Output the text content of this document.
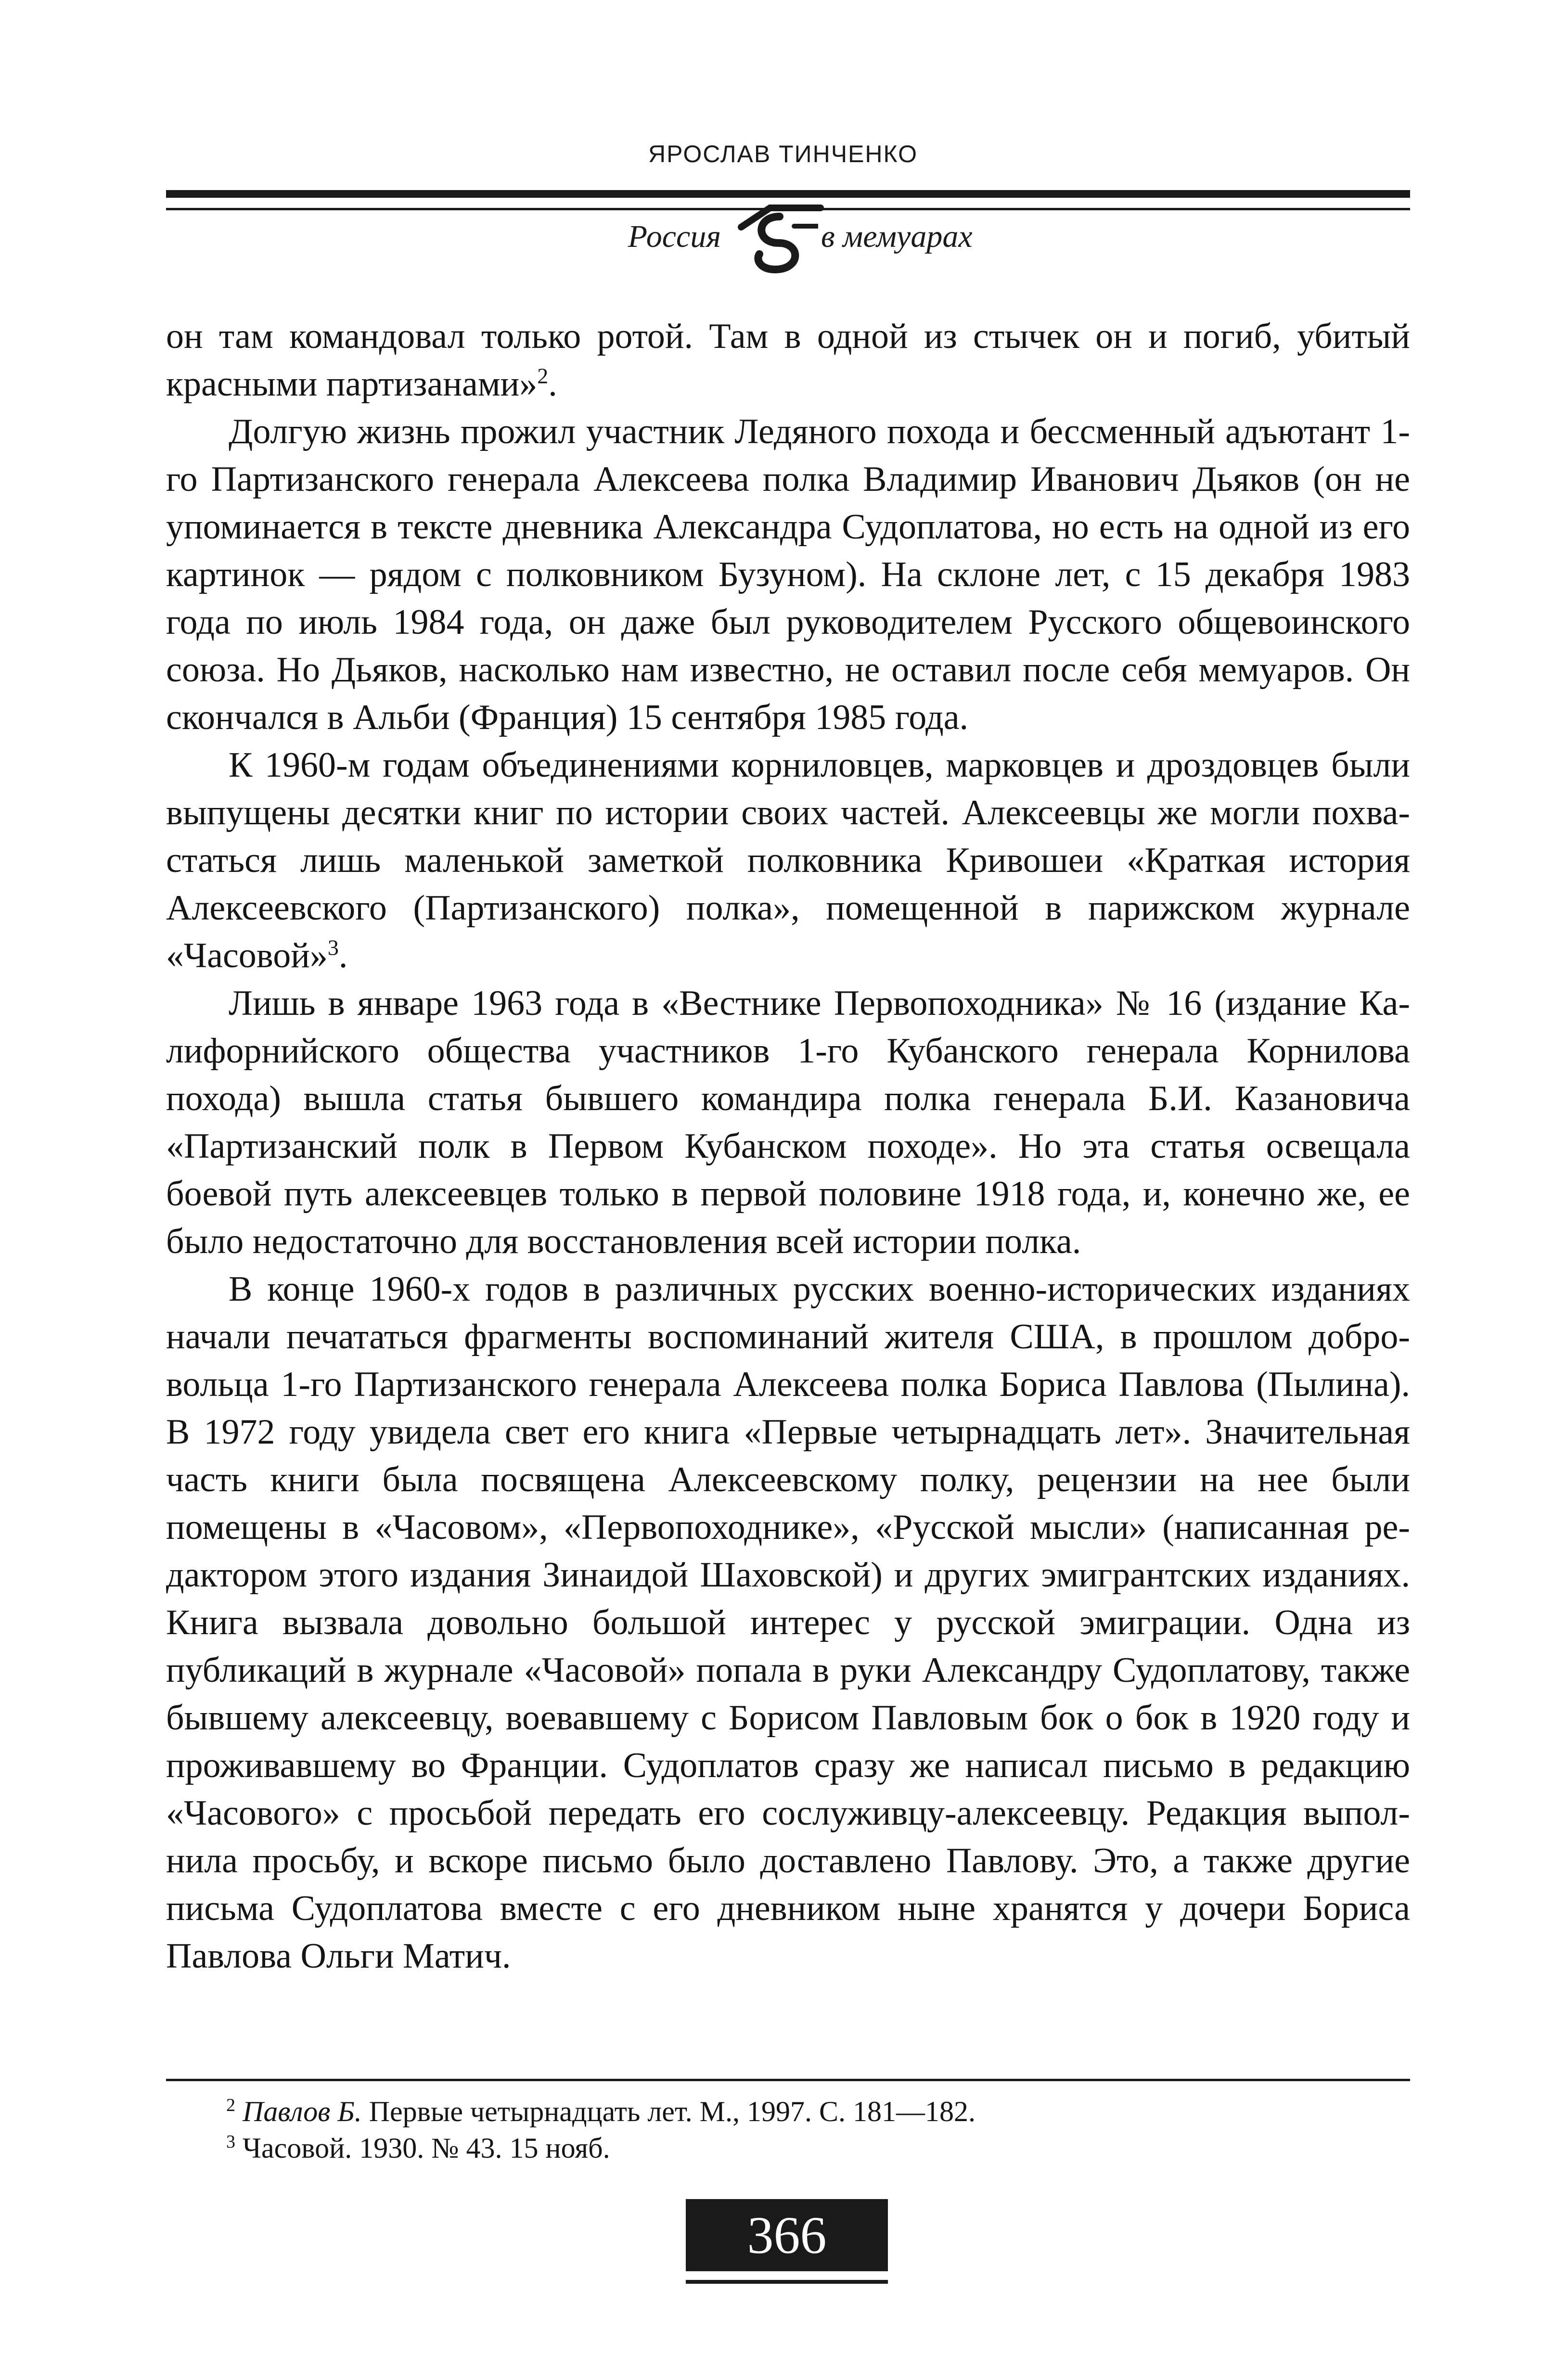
ЯРОСЛАВ ТИНЧЕНКО
Россия	в мемуарах

он там командовал только ротой. Там в одной из стычек он и погиб, убитый красными партизанами»$^2$.

Долгую жизнь прожил участник Ледяного похода и бессменный адъютант 1-го Партизанского генерала Алексеева полка Владимир Иванович Дьяков (он не упоминается в тексте дневника Александра Судоплатова, но есть на одной из его картинок — рядом с полковником Бузуном). На склоне лет, с 15 декабря 1983 года по июль 1984 года, он даже был руководителем Русского общевоинского союза. Но Дьяков, насколько нам известно, не оставил после себя мемуаров. Он скончался в Альби (Франция) 15 сентября 1985 года.

К 1960-м годам объединениями корниловцев, марковцев и дроздовцев были выпущены десятки книг по истории своих частей. Алексеевцы же могли похвастаться лишь маленькой заметкой полковника Кривошеи «Краткая история Алексеевского (Партизанского) полка», помещенной в парижском журнале «Часовой»$^3$.

Лишь в январе 1963 года в «Вестнике Первопоходника» № 16 (издание Калифорнийского общества участников 1-го Кубанского генерала Корнилова похода) вышла статья бывшего командира полка генерала Б.И. Казановича «Партизанский полк в Первом Кубанском походе». Но эта статья освещала боевой путь алексеевцев только в первой половине 1918 года, и, конечно же, ее было недостаточно для восстановления всей истории полка.

В конце 1960-х годов в различных русских военно-исторических изданиях начали печататься фрагменты воспоминаний жителя США, в прошлом добровольца 1-го Партизанского генерала Алексеева полка Бориса Павлова (Пылина). В 1972 году увидела свет его книга «Первые четырнадцать лет». Значительная часть книги была посвящена Алексеевскому полку, рецензии на нее были помещены в «Часовом», «Первопоходнике», «Русской мысли» (написанная редактором этого издания Зинаидой Шаховской) и других эмигрантских изданиях. Книга вызвала довольно большой интерес у русской эмиграции. Одна из публикаций в журнале «Часовой» попала в руки Александру Судоплатову, также бывшему алексеевцу, воевавшему с Борисом Павловым бок о бок в 1920 году и проживавшему во Франции. Судоплатов сразу же написал письмо в редакцию «Часового» с просьбой передать его сослуживцу-алексеевцу. Редакция выполнила просьбу, и вскоре письмо было доставлено Павлову. Это, а также другие письма Судоплатова вместе с его дневником ныне хранятся у дочери Бориса Павлова Ольги Матич.

$^2$ Павлов Б. Первые четырнадцать лет. М., 1997. С. 181—182.
$^3$ Часовой. 1930. № 43. 15 нояб.
366
